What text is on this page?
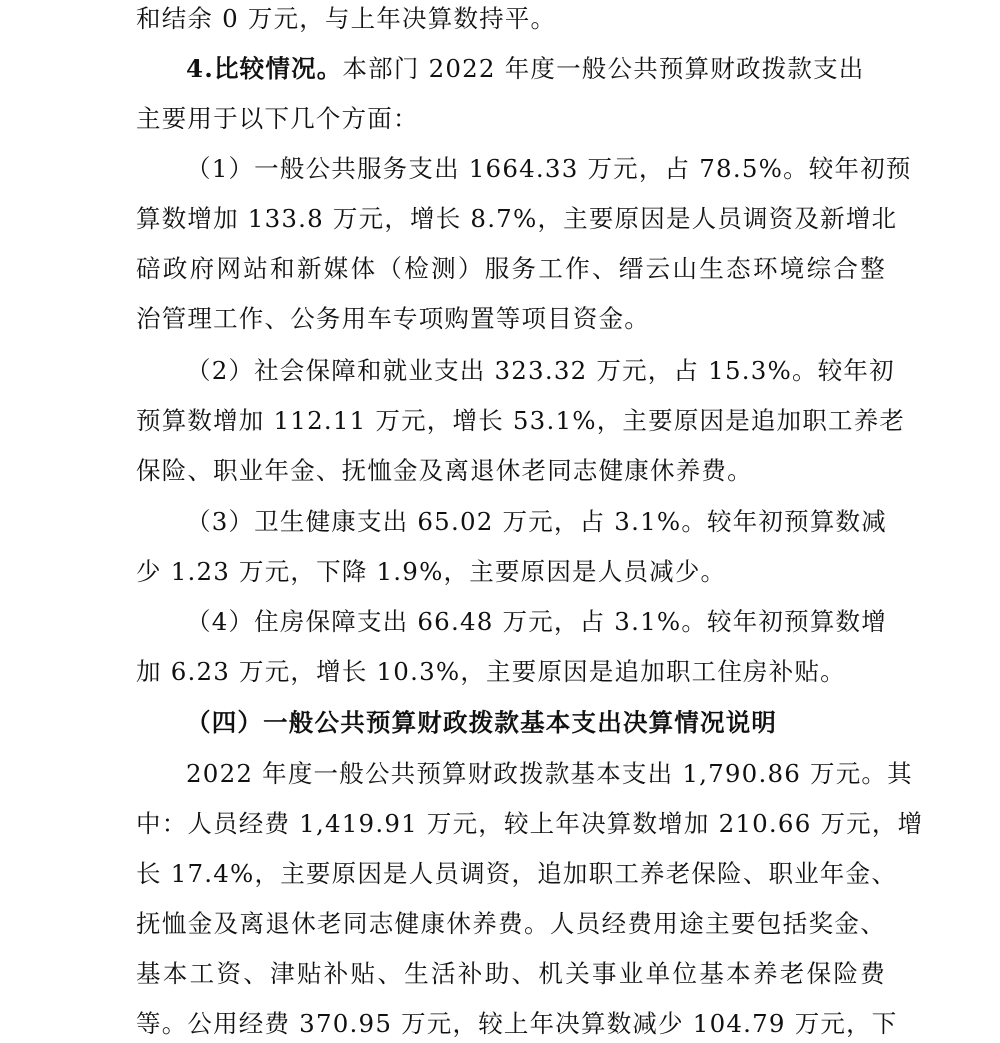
和结余 0 万元，与上年决算数持平。
4.比较情况。本部门 2022 年度一般公共预算财政拨款支出
主要用于以下几个方面：
（1）一般公共服务支出 1664.33 万元，占 78.5%。较年初预
算数增加 133.8 万元，增长 8.7%，主要原因是人员调资及新增北
碚政府网站和新媒体（检测）服务工作、缙云山生态环境综合整
治管理工作、公务用车专项购置等项目资金。
（2）社会保障和就业支出 323.32 万元，占 15.3%。较年初
预算数增加 112.11 万元，增长 53.1%，主要原因是追加职工养老
保险、职业年金、抚恤金及离退休老同志健康休养费。
（3）卫生健康支出 65.02 万元，占 3.1%。较年初预算数减
少 1.23 万元，下降 1.9%，主要原因是人员减少。
（4）住房保障支出 66.48 万元，占 3.1%。较年初预算数增
加 6.23 万元，增长 10.3%，主要原因是追加职工住房补贴。
（四）一般公共预算财政拨款基本支出决算情况说明
2022 年度一般公共预算财政拨款基本支出 1,790.86 万元。其
中：人员经费 1,419.91 万元，较上年决算数增加 210.66 万元，增
长 17.4%，主要原因是人员调资，追加职工养老保险、职业年金、
抚恤金及离退休老同志健康休养费。人员经费用途主要包括奖金、
基本工资、津贴补贴、生活补助、机关事业单位基本养老保险费
等。公用经费 370.95 万元，较上年决算数减少 104.79 万元，下
